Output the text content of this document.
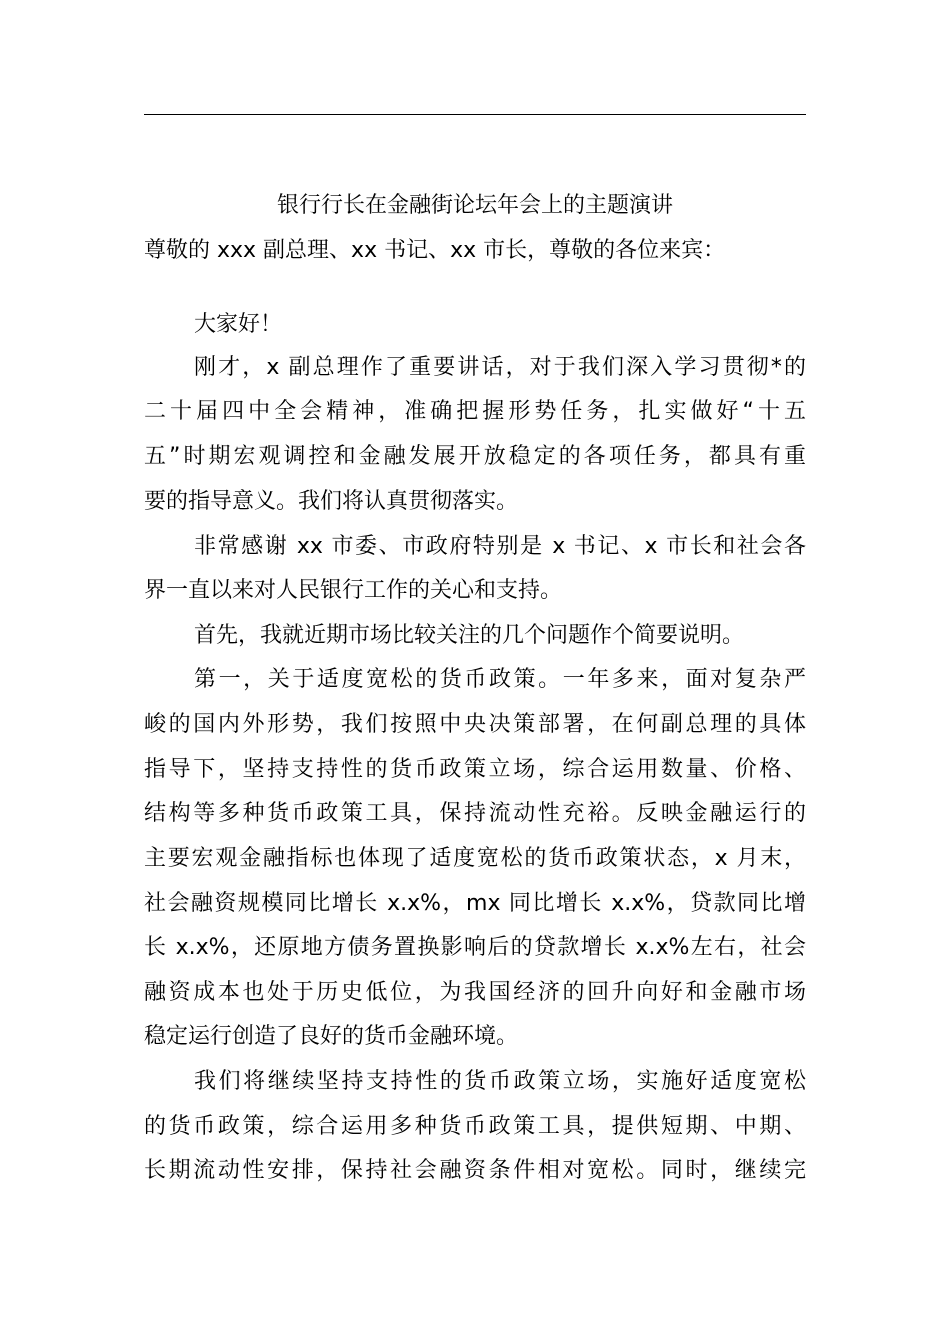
银行行长在金融街论坛年会上的主题演讲
尊敬的 xxx 副总理、xx 书记、xx 市长，尊敬的各位来宾：
大家好！
刚才，x 副总理作了重要讲话，对于我们深入学习贯彻*的
二十届四中全会精神，准确把握形势任务，扎实做好“十五
五”时期宏观调控和金融发展开放稳定的各项任务，都具有重
要的指导意义。我们将认真贯彻落实。
非常感谢 xx 市委、市政府特别是 x 书记、x 市长和社会各
界一直以来对人民银行工作的关心和支持。
首先，我就近期市场比较关注的几个问题作个简要说明。
第一，关于适度宽松的货币政策。一年多来，面对复杂严
峻的国内外形势，我们按照中央决策部署，在何副总理的具体
指导下，坚持支持性的货币政策立场，综合运用数量、价格、
结构等多种货币政策工具，保持流动性充裕。反映金融运行的
主要宏观金融指标也体现了适度宽松的货币政策状态，x 月末，
社会融资规模同比增长 x.x%，mx 同比增长 x.x%，贷款同比增
长 x.x%，还原地方债务置换影响后的贷款增长 x.x%左右，社会
融资成本也处于历史低位，为我国经济的回升向好和金融市场
稳定运行创造了良好的货币金融环境。
我们将继续坚持支持性的货币政策立场，实施好适度宽松
的货币政策，综合运用多种货币政策工具，提供短期、中期、
长期流动性安排，保持社会融资条件相对宽松。同时，继续完
